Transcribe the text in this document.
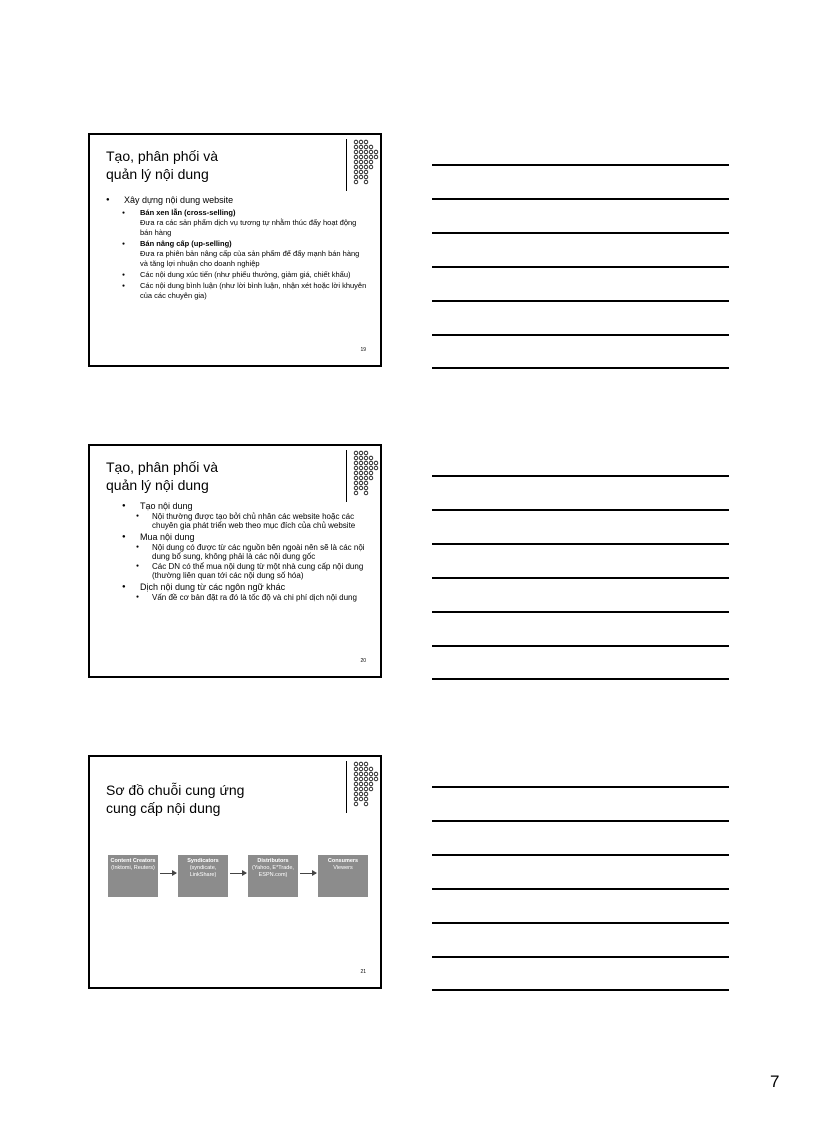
Tạo, phân phối và
quản lý nội dung
● Xây dựng nội dung website
● Bán xen lẫn (cross-selling)
Đưa ra các sản phẩm dịch vụ tương tự nhằm thúc đẩy hoạt động bán hàng
● Bán nâng cấp (up-selling)
Đưa ra phiên bản nâng cấp của sản phẩm để đẩy mạnh bán hàng và tăng lợi nhuận cho doanh nghiệp
● Các nội dung xúc tiến (như phiếu thưởng, giảm giá, chiết khấu)
● Các nội dung bình luận (như lời bình luận, nhận xét hoặc lời khuyên của các chuyên gia)
19
Tạo, phân phối và
quản lý nội dung
● Tạo nội dung
● Nội thường được tạo bởi chủ nhân các website hoặc các chuyên gia phát triển web theo mục đích của chủ website
● Mua nội dung
● Nội dung có được từ các nguồn bên ngoài nên sẽ là các nội dung bổ sung, không phải là các nội dung gốc
● Các DN có thể mua nội dung từ một nhà cung cấp nội dung (thường liên quan tới các nội dung số hóa)
● Dịch nội dung từ các ngôn ngữ khác
● Vấn đề cơ bản đặt ra đó là tốc độ và chi phí dịch nội dung
20
Sơ đồ chuỗi cung ứng
cung cấp nội dung
Content Creators
(Inktomi, Reuters)
Syndicators
(syndicate, LinkShare)
Distributors
(Yahoo, E*Trade, ESPN.com)
Consumers
Viewers
21
7
